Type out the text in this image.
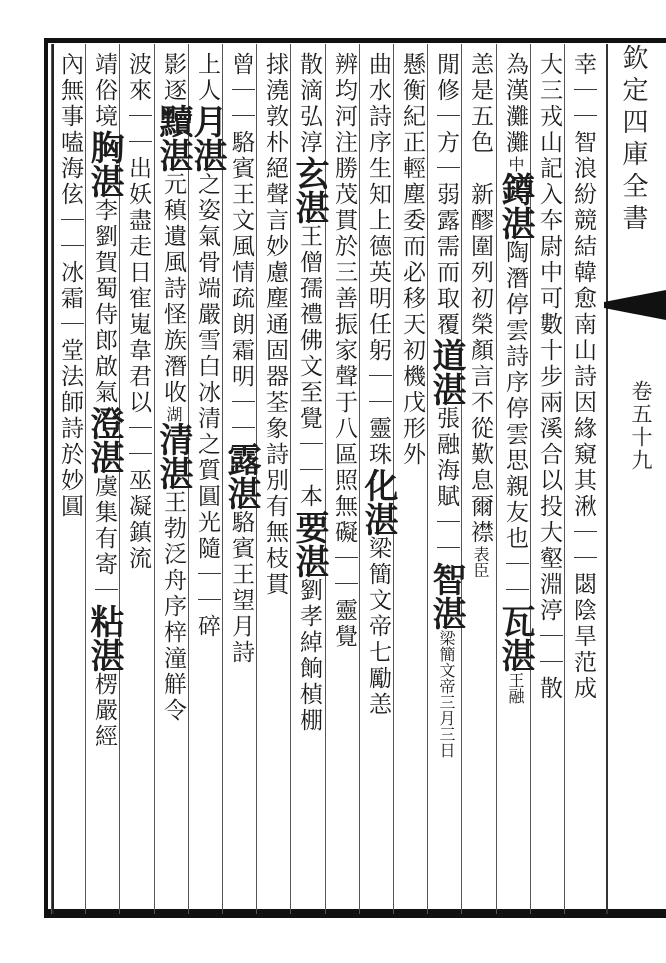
欽定四庫全書
卷五十九
幸｜｜智浪紛競結韓愈南山詩因緣窺其湫｜｜閟陰旱范成
大三戎山記入夲尉中可數十步兩溪合以投大壑淵渟｜｜散
為漢灘灘中鐏湛陶潛停雲詩序停雲思親友也｜｜瓦湛王融
恙是五色　新醪圍列初榮顏言不從歎息爾襟表臣
閒修｜方｜弱露需而取覆道湛張融海賦｜｜智湛梁簡文帝三月三日
懸衡紀正輕塵委而必移天初機戊形外
曲水詩序生知上德英明任躬｜｜靈珠化湛梁簡文帝七勵恙
辨均河注勝茂貫於三善振家聲于八區照無礙｜｜靈覺
散滴弘淳玄湛王僧孺禮佛文至覺｜｜本要湛劉孝綽餉楨棚
捄澆敦朴絕聲言妙慮塵通固器荃象詩別有無枝貫
曾｜｜駱賓王文風情疏朗霜明｜｜露湛駱賓王望月詩
上人月湛之姿氣骨端嚴雪白冰清之質圓光隨｜｜碎
影逐黷湛元稹遺風詩怪族潛收湖清湛王勃泛舟序梓潼觧令
波來｜｜出妖盡走日寉嵬韋君以｜｜巫凝鎮流
靖俗境胸湛李劉賀蜀侍郎啟氣澄湛虞集有寄｜粘湛楞嚴經
內無事嗑海伭｜｜冰霜｜堂法師詩於妙圓
